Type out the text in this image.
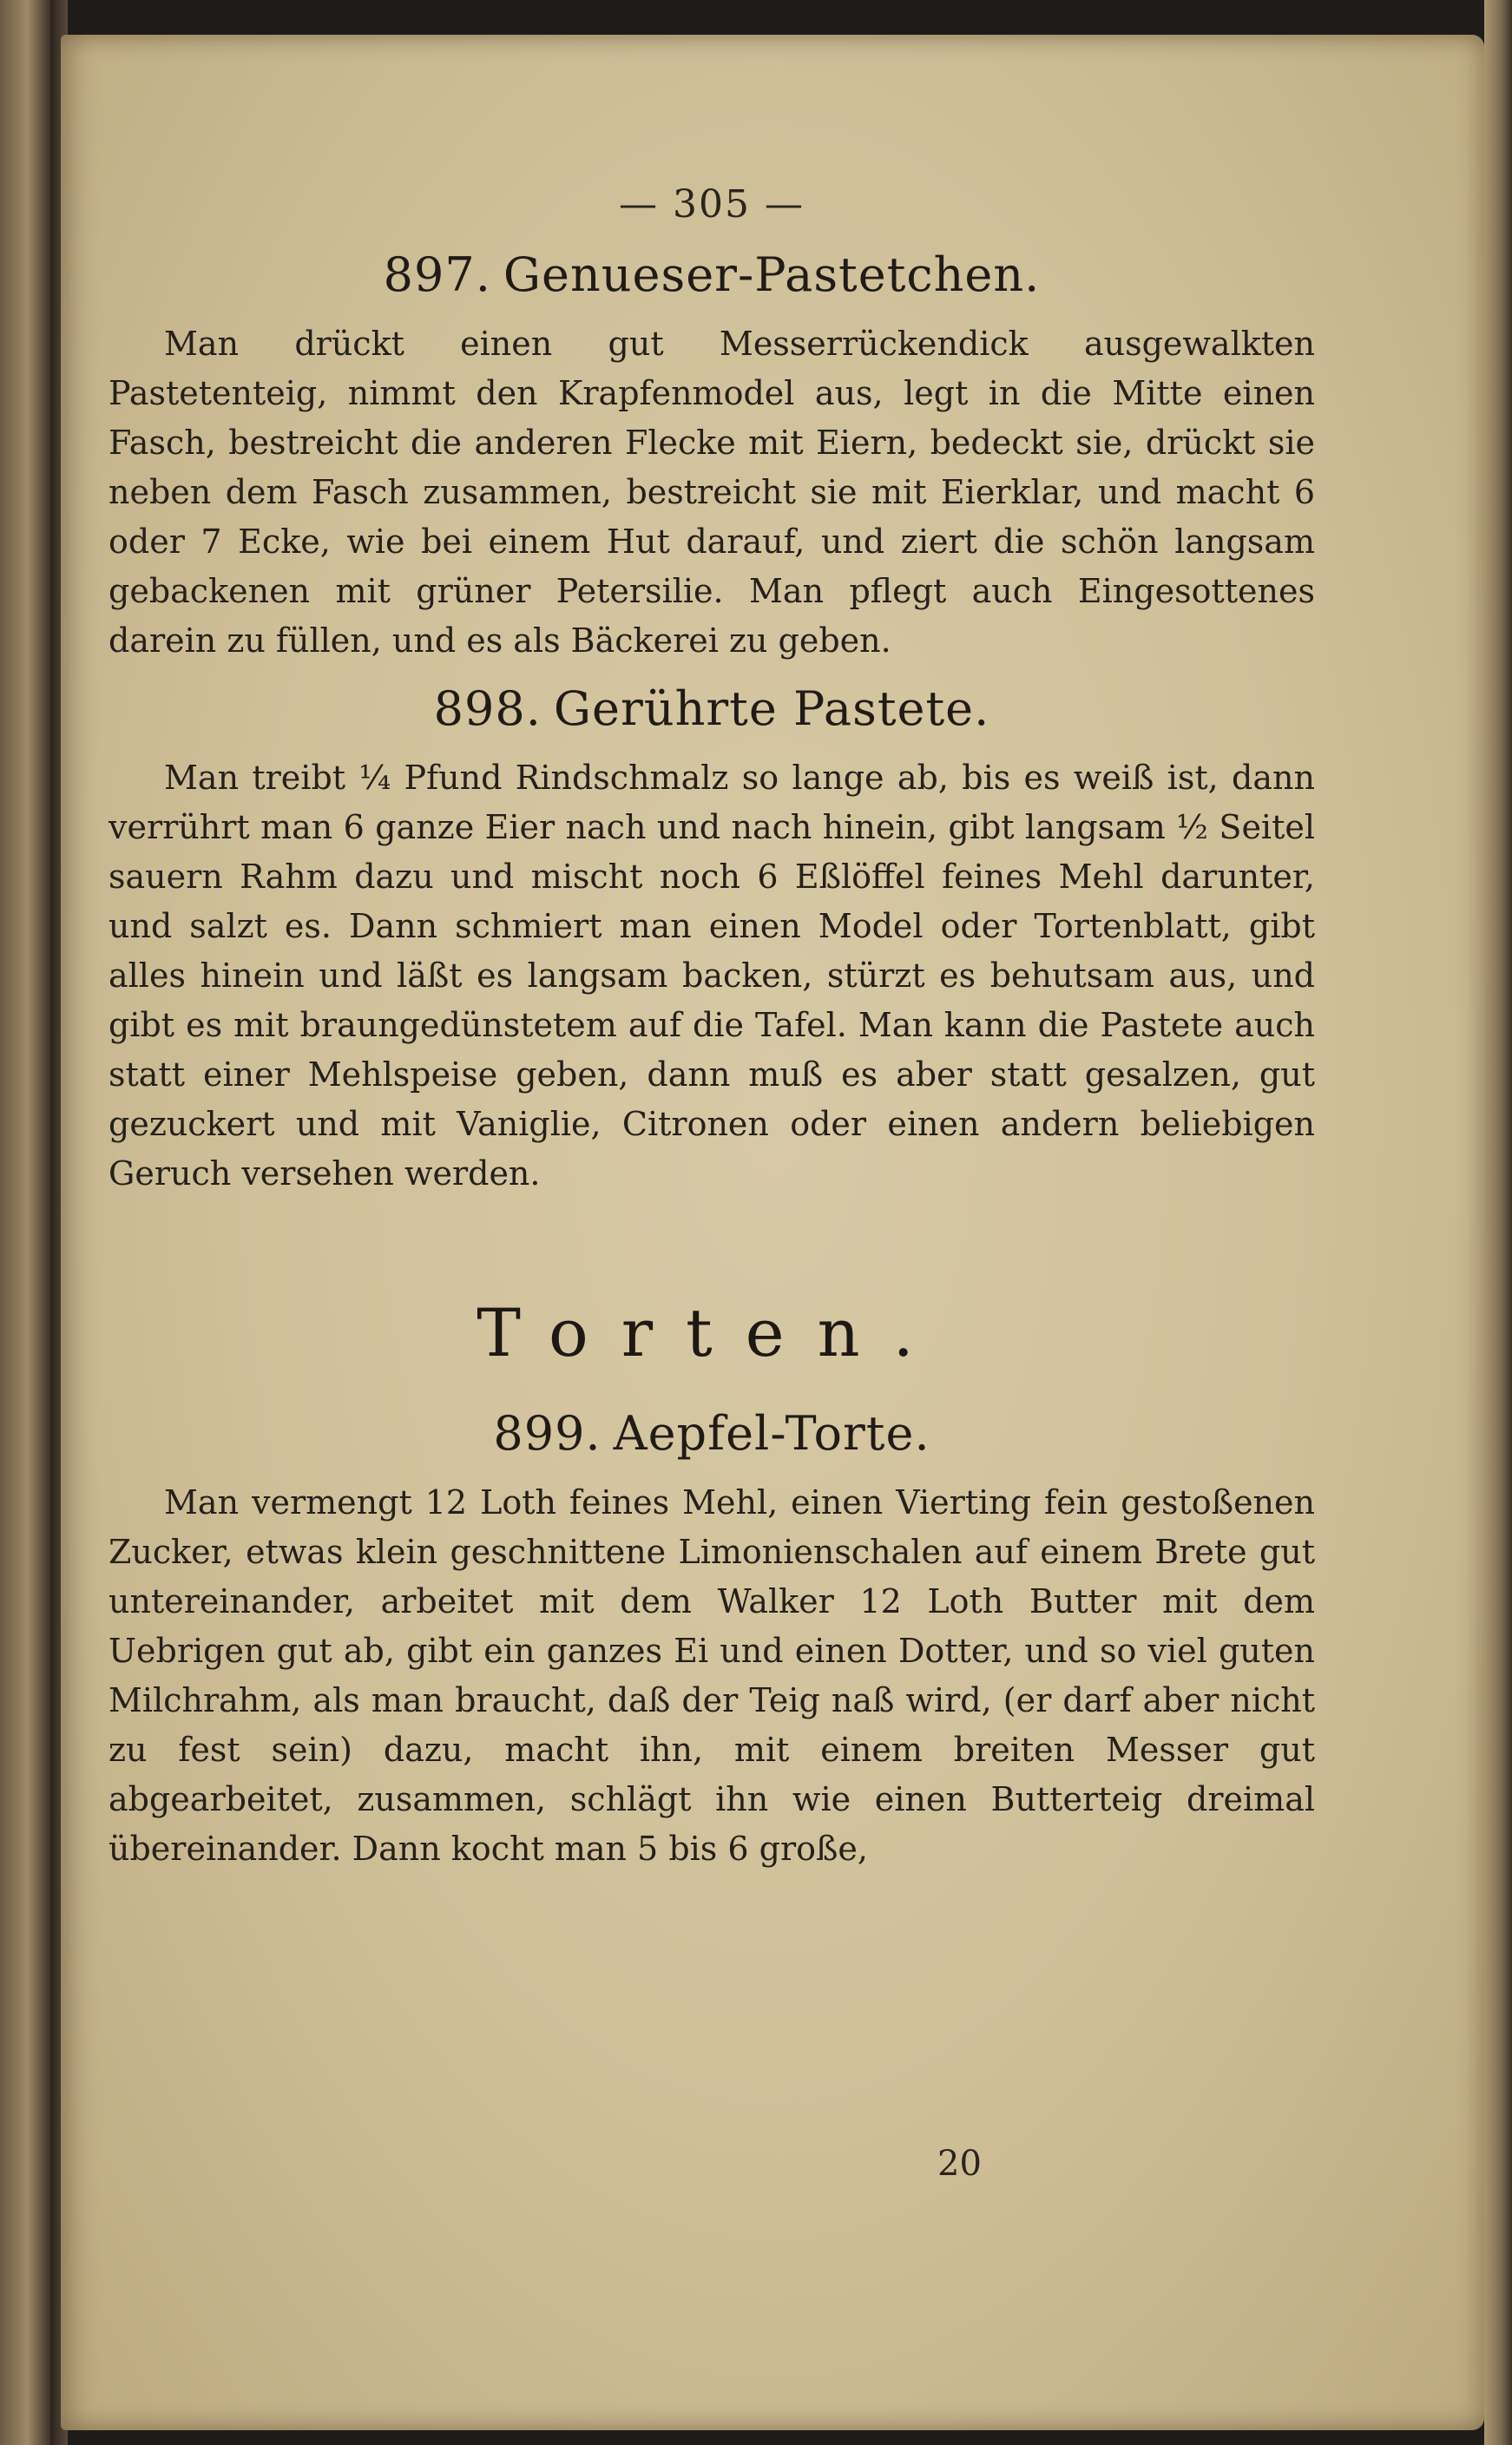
— 305 —
897. Genueser-Pastetchen.

Man drückt einen gut Messerrückendick ausgewalkten Pastetenteig, nimmt den Krapfenmodel aus, legt in die Mitte einen Fasch, bestreicht die anderen Flecke mit Eiern, bedeckt sie, drückt sie neben dem Fasch zusammen, bestreicht sie mit Eierklar, und macht 6 oder 7 Ecke, wie bei einem Hut darauf, und ziert die schön langsam gebackenen mit grüner Petersilie. Man pflegt auch Eingesottenes darein zu füllen, und es als Bäckerei zu geben.

898. Gerührte Pastete.

Man treibt ¼ Pfund Rindschmalz so lange ab, bis es weiß ist, dann verrührt man 6 ganze Eier nach und nach hinein, gibt langsam ½ Seitel sauern Rahm dazu und mischt noch 6 Eßlöffel feines Mehl darunter, und salzt es. Dann schmiert man einen Model oder Tortenblatt, gibt alles hinein und läßt es langsam backen, stürzt es behutsam aus, und gibt es mit braungedünstetem auf die Tafel. Man kann die Pastete auch statt einer Mehlspeise geben, dann muß es aber statt gesalzen, gut gezuckert und mit Vaniglie, Citronen oder einen andern beliebigen Geruch versehen werden.

Torten.
899. Aepfel-Torte.

Man vermengt 12 Loth feines Mehl, einen Vierting fein gestoßenen Zucker, etwas klein geschnittene Limonienschalen auf einem Brete gut untereinander, arbeitet mit dem Walker 12 Loth Butter mit dem Uebrigen gut ab, gibt ein ganzes Ei und einen Dotter, und so viel guten Milchrahm, als man braucht, daß der Teig naß wird, (er darf aber nicht zu fest sein) dazu, macht ihn, mit einem breiten Messer gut abgearbeitet, zusammen, schlägt ihn wie einen Butterteig dreimal übereinander. Dann kocht man 5 bis 6 große,

20
